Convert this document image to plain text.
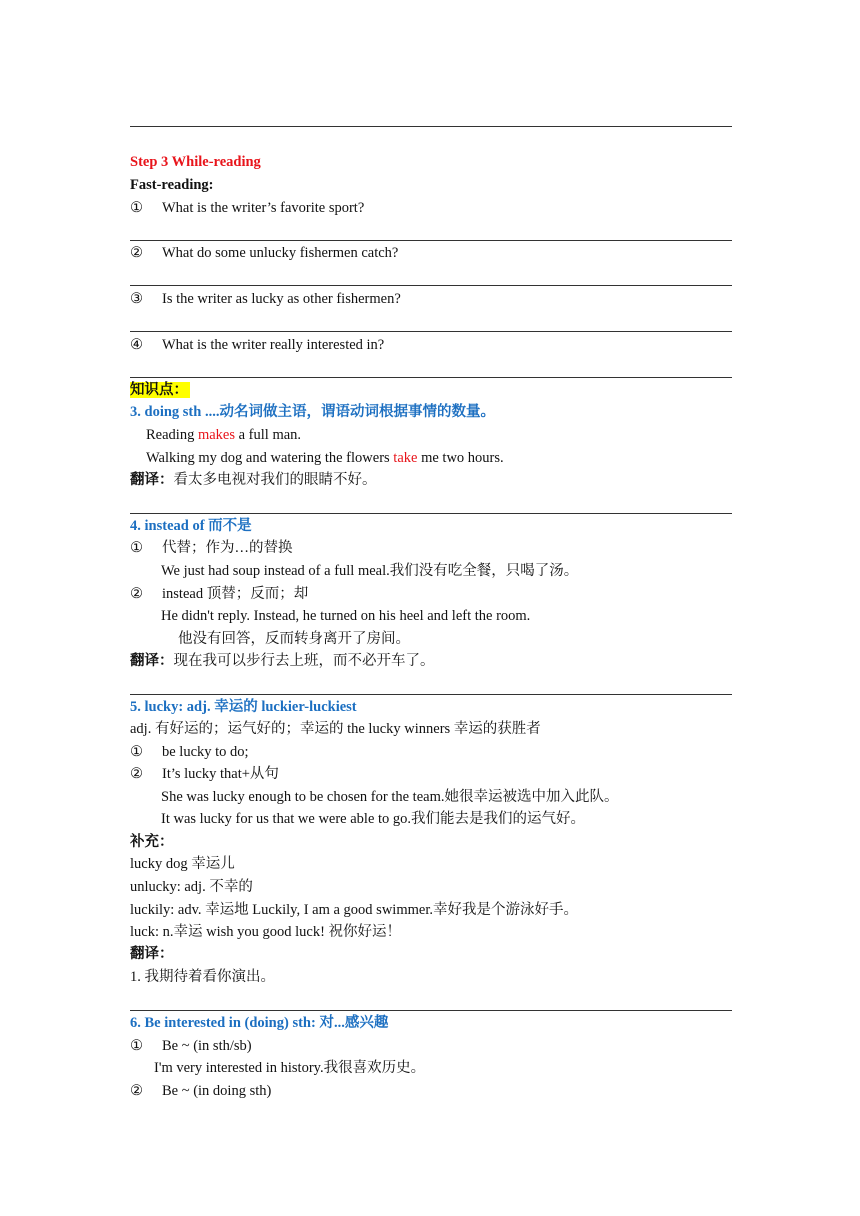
Step 3 While-reading
Fast-reading:
① What is the writer’s favorite sport?
② What do some unlucky fishermen catch?
③ Is the writer as lucky as other fishermen?
④ What is the writer really interested in?
知识点：
3. doing sth ....动名词做主语，谓语动词根据事情的数量。
Reading makes a full man.
Walking my dog and watering the flowers take me two hours.
翻译：看太多电视对我们的眼睛不好。
4. instead of 而不是
① 代替；作为…的替换
We just had soup instead of a full meal.我们没有吃全餐，只喝了汤。
② instead 顶替；反而；却
He didn't reply. Instead, he turned on his heel and left the room.
他没有回答，反而转身离开了房间。
翻译：现在我可以步行去上班，而不必开车了。
5. lucky: adj. 幸运的 luckier-luckiest
adj. 有好运的；运气好的；幸运的 the lucky winners 幸运的获胜者
① be lucky to do;
② It’s lucky that+从句
She was lucky enough to be chosen for the team.她很幸运被选中加入此队。
It was lucky for us that we were able to go.我们能去是我们的运气好。
补充：
lucky dog 幸运儿
unlucky: adj. 不幸的
luckily: adv. 幸运地 Luckily, I am a good swimmer.幸好我是个游泳好手。
luck: n.幸运 wish you good luck! 祝你好运！
翻译：
1. 我期待着看你演出。
6. Be interested in (doing) sth: 对...感兴趣
① Be ~ (in sth/sb)
I'm very interested in history.我很喜欢历史。
② Be ~ (in doing sth)
